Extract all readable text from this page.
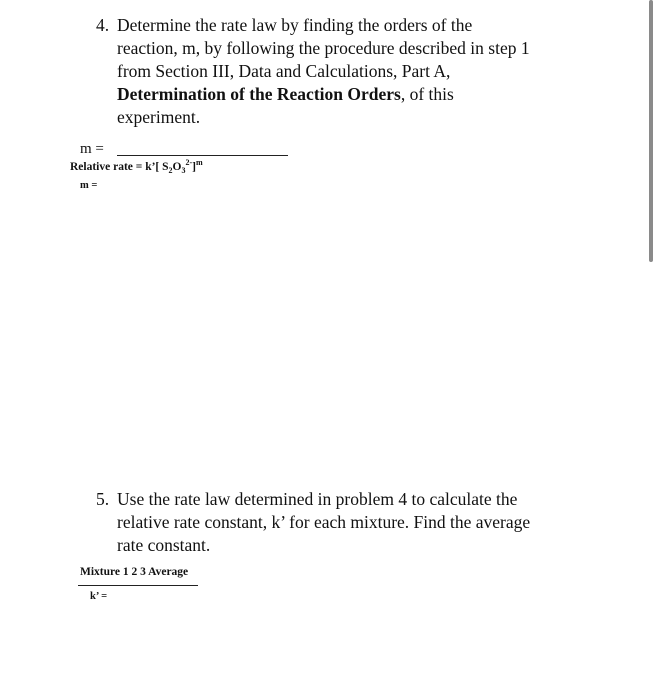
4. Determine the rate law by finding the orders of the
reaction, m, by following the procedure described in step 1
from Section III, Data and Calculations, Part A,
Determination of the Reaction Orders, of this
experiment.
m =
Relative rate = k’[ $S_2O_3^{2-}]^m$
m =
5. Use the rate law determined in problem 4 to calculate the
relative rate constant, k’ for each mixture. Find the average
rate constant.
Mixture 1 2 3 Average
k’ =
